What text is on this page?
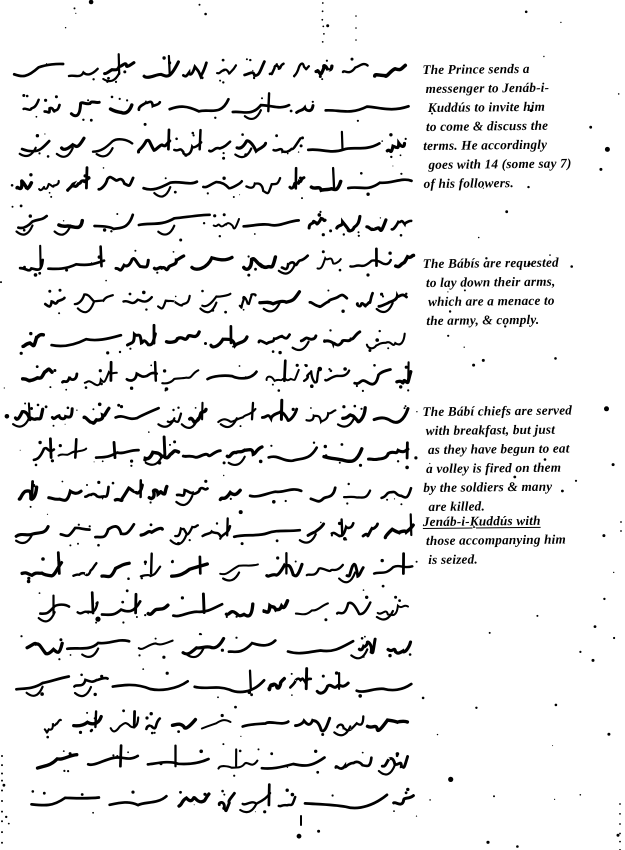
The Prince sends a
messenger to Jenáb-i-
Ḳuddús to invite him
to come & discuss the
terms. He accordingly
goes with 14 (some say 7)
of his followers.
The Bábís are requested
to lay down their arms,
which are a menace to
the army, & comply.
The Bábí chiefs are served
with breakfast, but just
as they have begun to eat
a volley is fired on them
by the soldiers & many
are killed.
Jenáb-i-Ḳuddús with
those accompanying him
is seized.
